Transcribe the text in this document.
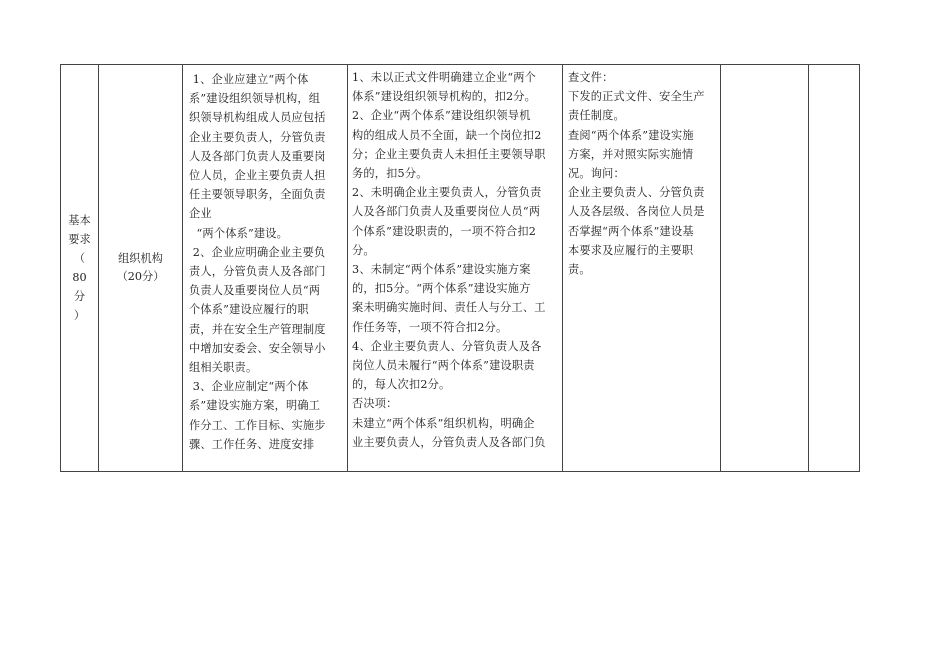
基本
要求
（
80
分
）
组织机构
（20分）

1、企业应建立“两个体
系”建设组织领导机构，组
织领导机构组成人员应包括
企业主要负责人，分管负责
人及各部门负责人及重要岗
位人员，企业主要负责人担
任主要领导职务，全面负责
企业
“两个体系”建设。
2、企业应明确企业主要负
责人，分管负责人及各部门
负责人及重要岗位人员“两
个体系”建设应履行的职
责，并在安全生产管理制度
中增加安委会、安全领导小
组相关职责。
3、企业应制定“两个体
系”建设实施方案，明确工
作分工、工作目标、实施步
骤、工作任务、进度安排

1、未以正式文件明确建立企业“两个
体系”建设组织领导机构的，扣2分。
2、企业“两个体系”建设组织领导机
构的组成人员不全面，缺一个岗位扣2
分；企业主要负责人未担任主要领导职
务的，扣5分。
2、未明确企业主要负责人，分管负责
人及各部门负责人及重要岗位人员“两
个体系”建设职责的，一项不符合扣2
分。
3、未制定“两个体系”建设实施方案
的，扣5分。“两个体系”建设实施方
案未明确实施时间、责任人与分工、工
作任务等，一项不符合扣2分。
4、企业主要负责人、分管负责人及各
岗位人员未履行“两个体系”建设职责
的，每人次扣2分。
否决项：
未建立“两个体系”组织机构，明确企
业主要负责人，分管负责人及各部门负

查文件：
下发的正式文件、安全生产
责任制度。
查阅“两个体系”建设实施
方案，并对照实际实施情
况。询问：
企业主要负责人、分管负责
人及各层级、各岗位人员是
否掌握“两个体系”建设基
本要求及应履行的主要职
责。
